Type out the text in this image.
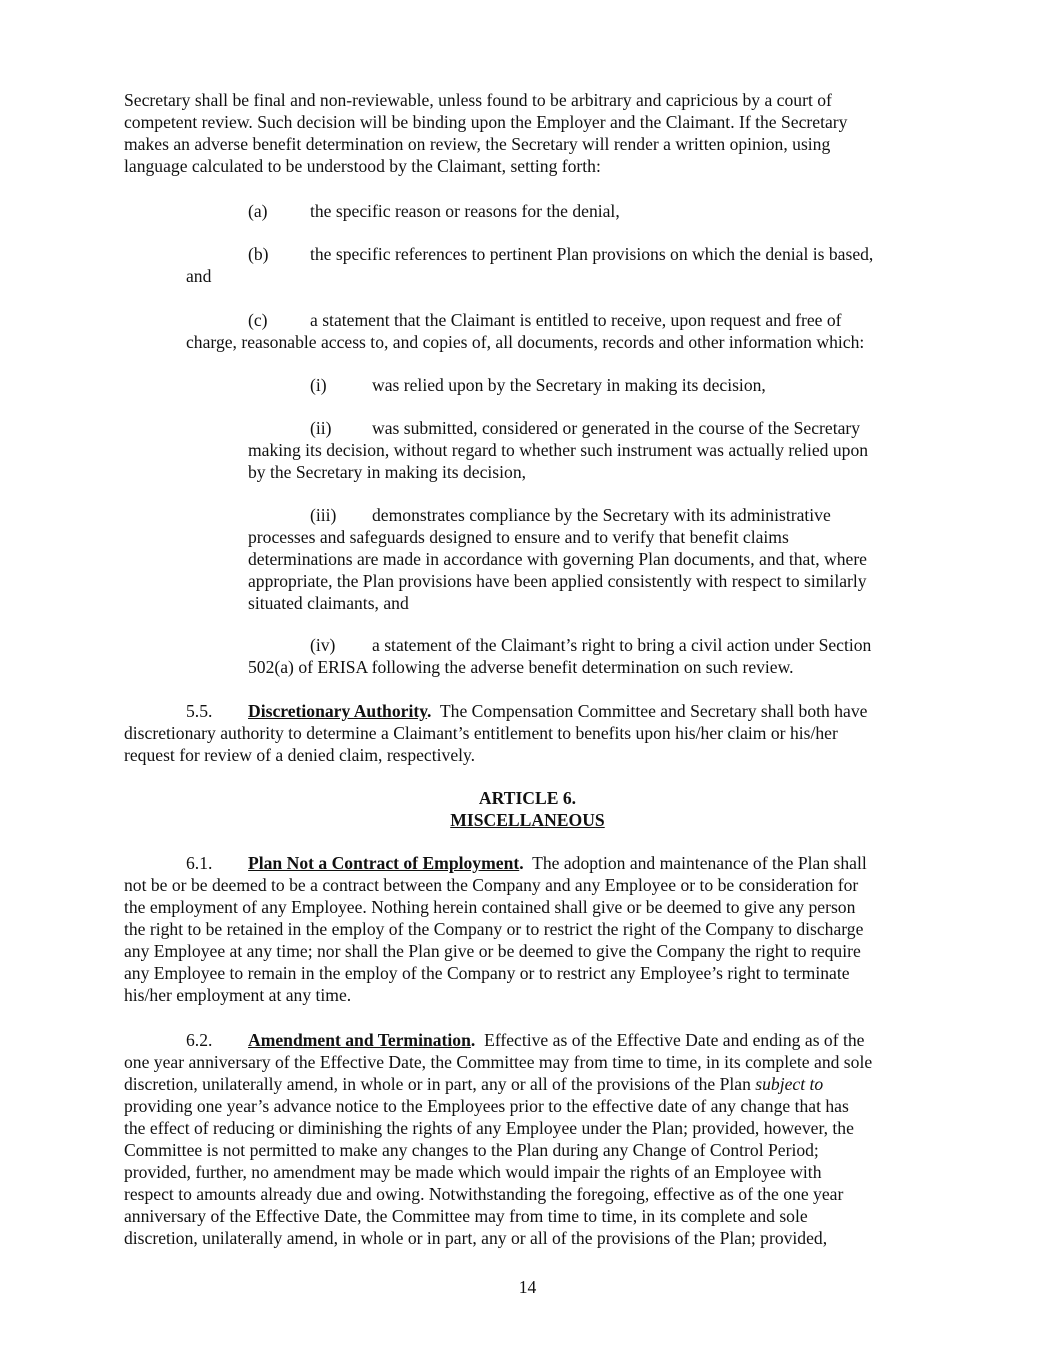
Secretary shall be final and non-reviewable, unless found to be arbitrary and capricious by a court of

competent review. Such decision will be binding upon the Employer and the Claimant. If the Secretary

makes an adverse benefit determination on review, the Secretary will render a written opinion, using

language calculated to be understood by the Claimant, setting forth:

(a) the specific reason or reasons for the denial,
(b) the specific references to pertinent Plan provisions on which the denial is based,
and
(c) a statement that the Claimant is entitled to receive, upon request and free of
charge, reasonable access to, and copies of, all documents, records and other information which:
(i)	was relied upon by the Secretary in making its decision,
(ii) was submitted, considered or generated in the course of the Secretary
making its decision, without regard to whether such instrument was actually relied upon
by the Secretary in making its decision,
(iii) demonstrates compliance by the Secretary with its administrative
processes and safeguards designed to ensure and to verify that benefit claims
determinations are made in accordance with governing Plan documents, and that, where
appropriate, the Plan provisions have been applied consistently with respect to similarly
situated claimants, and
(iv) a statement of the Claimant’s right to bring a civil action under Section
502(a) of ERISA following the adverse benefit determination on such review.
5.5. Discretionary Authority.  The Compensation Committee and Secretary shall both have

discretionary authority to determine a Claimant’s entitlement to benefits upon his/her claim or his/her

request for review of a denied claim, respectively.

ARTICLE 6.

MISCELLANEOUS

6.1. Plan Not a Contract of Employment.  The adoption and maintenance of the Plan shall

not be or be deemed to be a contract between the Company and any Employee or to be consideration for

the employment of any Employee. Nothing herein contained shall give or be deemed to give any person

the right to be retained in the employ of the Company or to restrict the right of the Company to discharge

any Employee at any time; nor shall the Plan give or be deemed to give the Company the right to require

any Employee to remain in the employ of the Company or to restrict any Employee’s right to terminate

his/her employment at any time.

6.2. Amendment and Termination.  Effective as of the Effective Date and ending as of the

one year anniversary of the Effective Date, the Committee may from time to time, in its complete and sole

discretion, unilaterally amend, in whole or in part, any or all of the provisions of the Plan subject to

providing one year’s advance notice to the Employees prior to the effective date of any change that has

the effect of reducing or diminishing the rights of any Employee under the Plan; provided, however, the

Committee is not permitted to make any changes to the Plan during any Change of Control Period;

provided, further, no amendment may be made which would impair the rights of an Employee with

respect to amounts already due and owing. Notwithstanding the foregoing, effective as of the one year

anniversary of the Effective Date, the Committee may from time to time, in its complete and sole

discretion, unilaterally amend, in whole or in part, any or all of the provisions of the Plan; provided,

14
